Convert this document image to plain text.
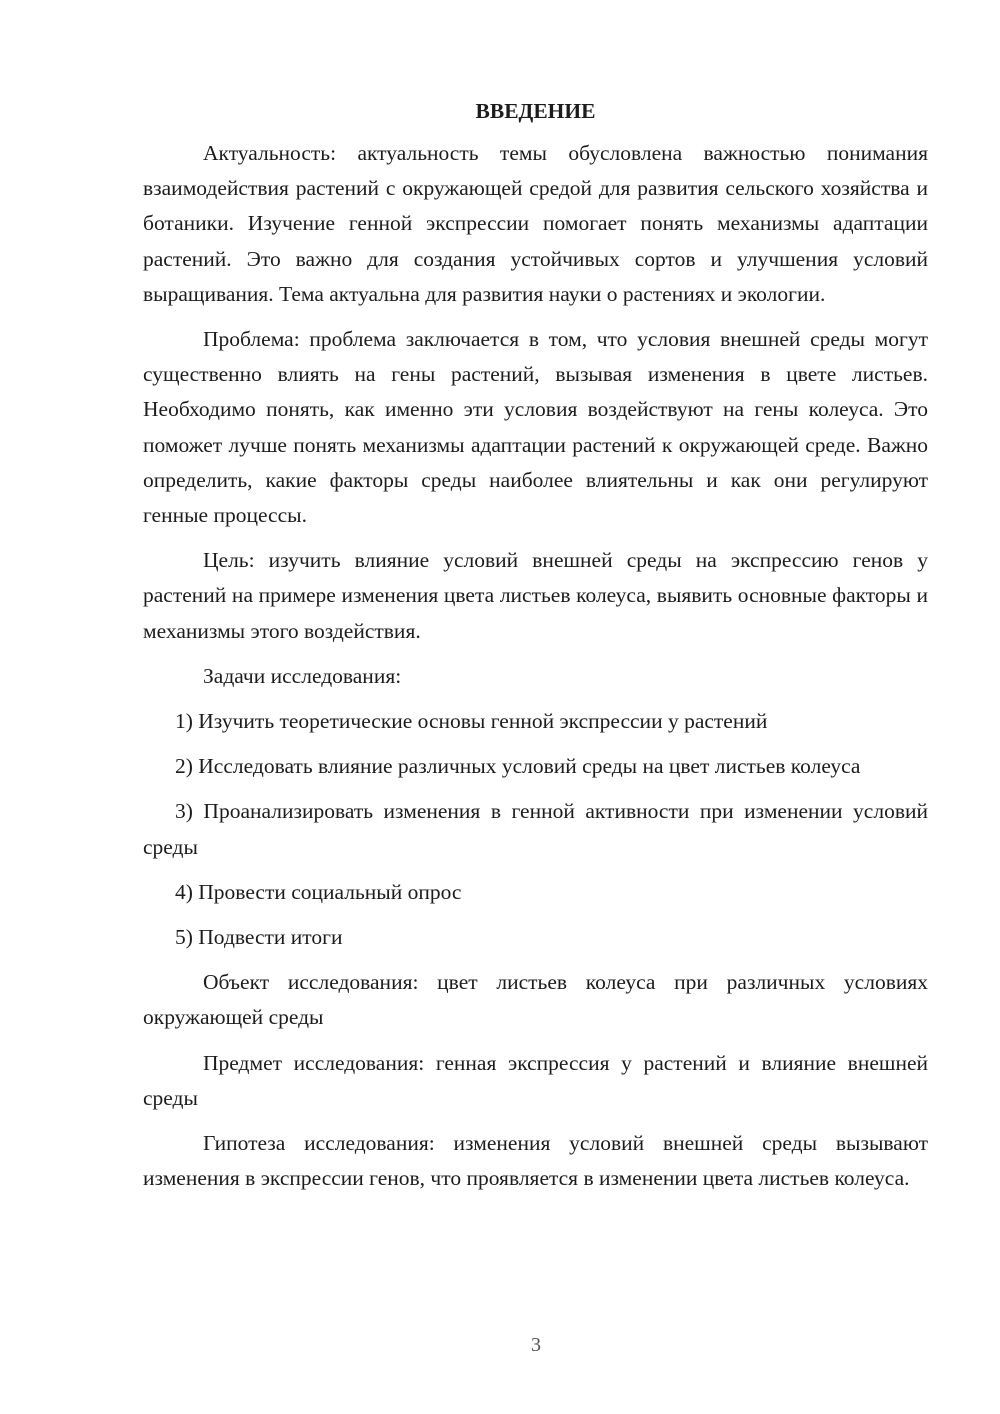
ВВЕДЕНИЕ

Актуальность: актуальность темы обусловлена важностью понимания взаимодействия растений с окружающей средой для развития сельского хозяйства и ботаники. Изучение генной экспрессии помогает понять механизмы адаптации растений. Это важно для создания устойчивых сортов и улучшения условий выращивания. Тема актуальна для развития науки о растениях и экологии.

Проблема: проблема заключается в том, что условия внешней среды могут существенно влиять на гены растений, вызывая изменения в цвете листьев. Необходимо понять, как именно эти условия воздействуют на гены колеуса. Это поможет лучше понять механизмы адаптации растений к окружающей среде. Важно определить, какие факторы среды наиболее влиятельны и как они регулируют генные процессы.

Цель: изучить влияние условий внешней среды на экспрессию генов у растений на примере изменения цвета листьев колеуса, выявить основные факторы и механизмы этого воздействия.

Задачи исследования:

1) Изучить теоретические основы генной экспрессии у растений

2) Исследовать влияние различных условий среды на цвет листьев колеуса

3) Проанализировать изменения в генной активности при изменении условий среды

4) Провести социальный опрос

5) Подвести итоги

Объект исследования: цвет листьев колеуса при различных условиях окружающей среды

Предмет исследования: генная экспрессия у растений и влияние внешней среды

Гипотеза исследования: изменения условий внешней среды вызывают изменения в экспрессии генов, что проявляется в изменении цвета листьев колеуса.

3
